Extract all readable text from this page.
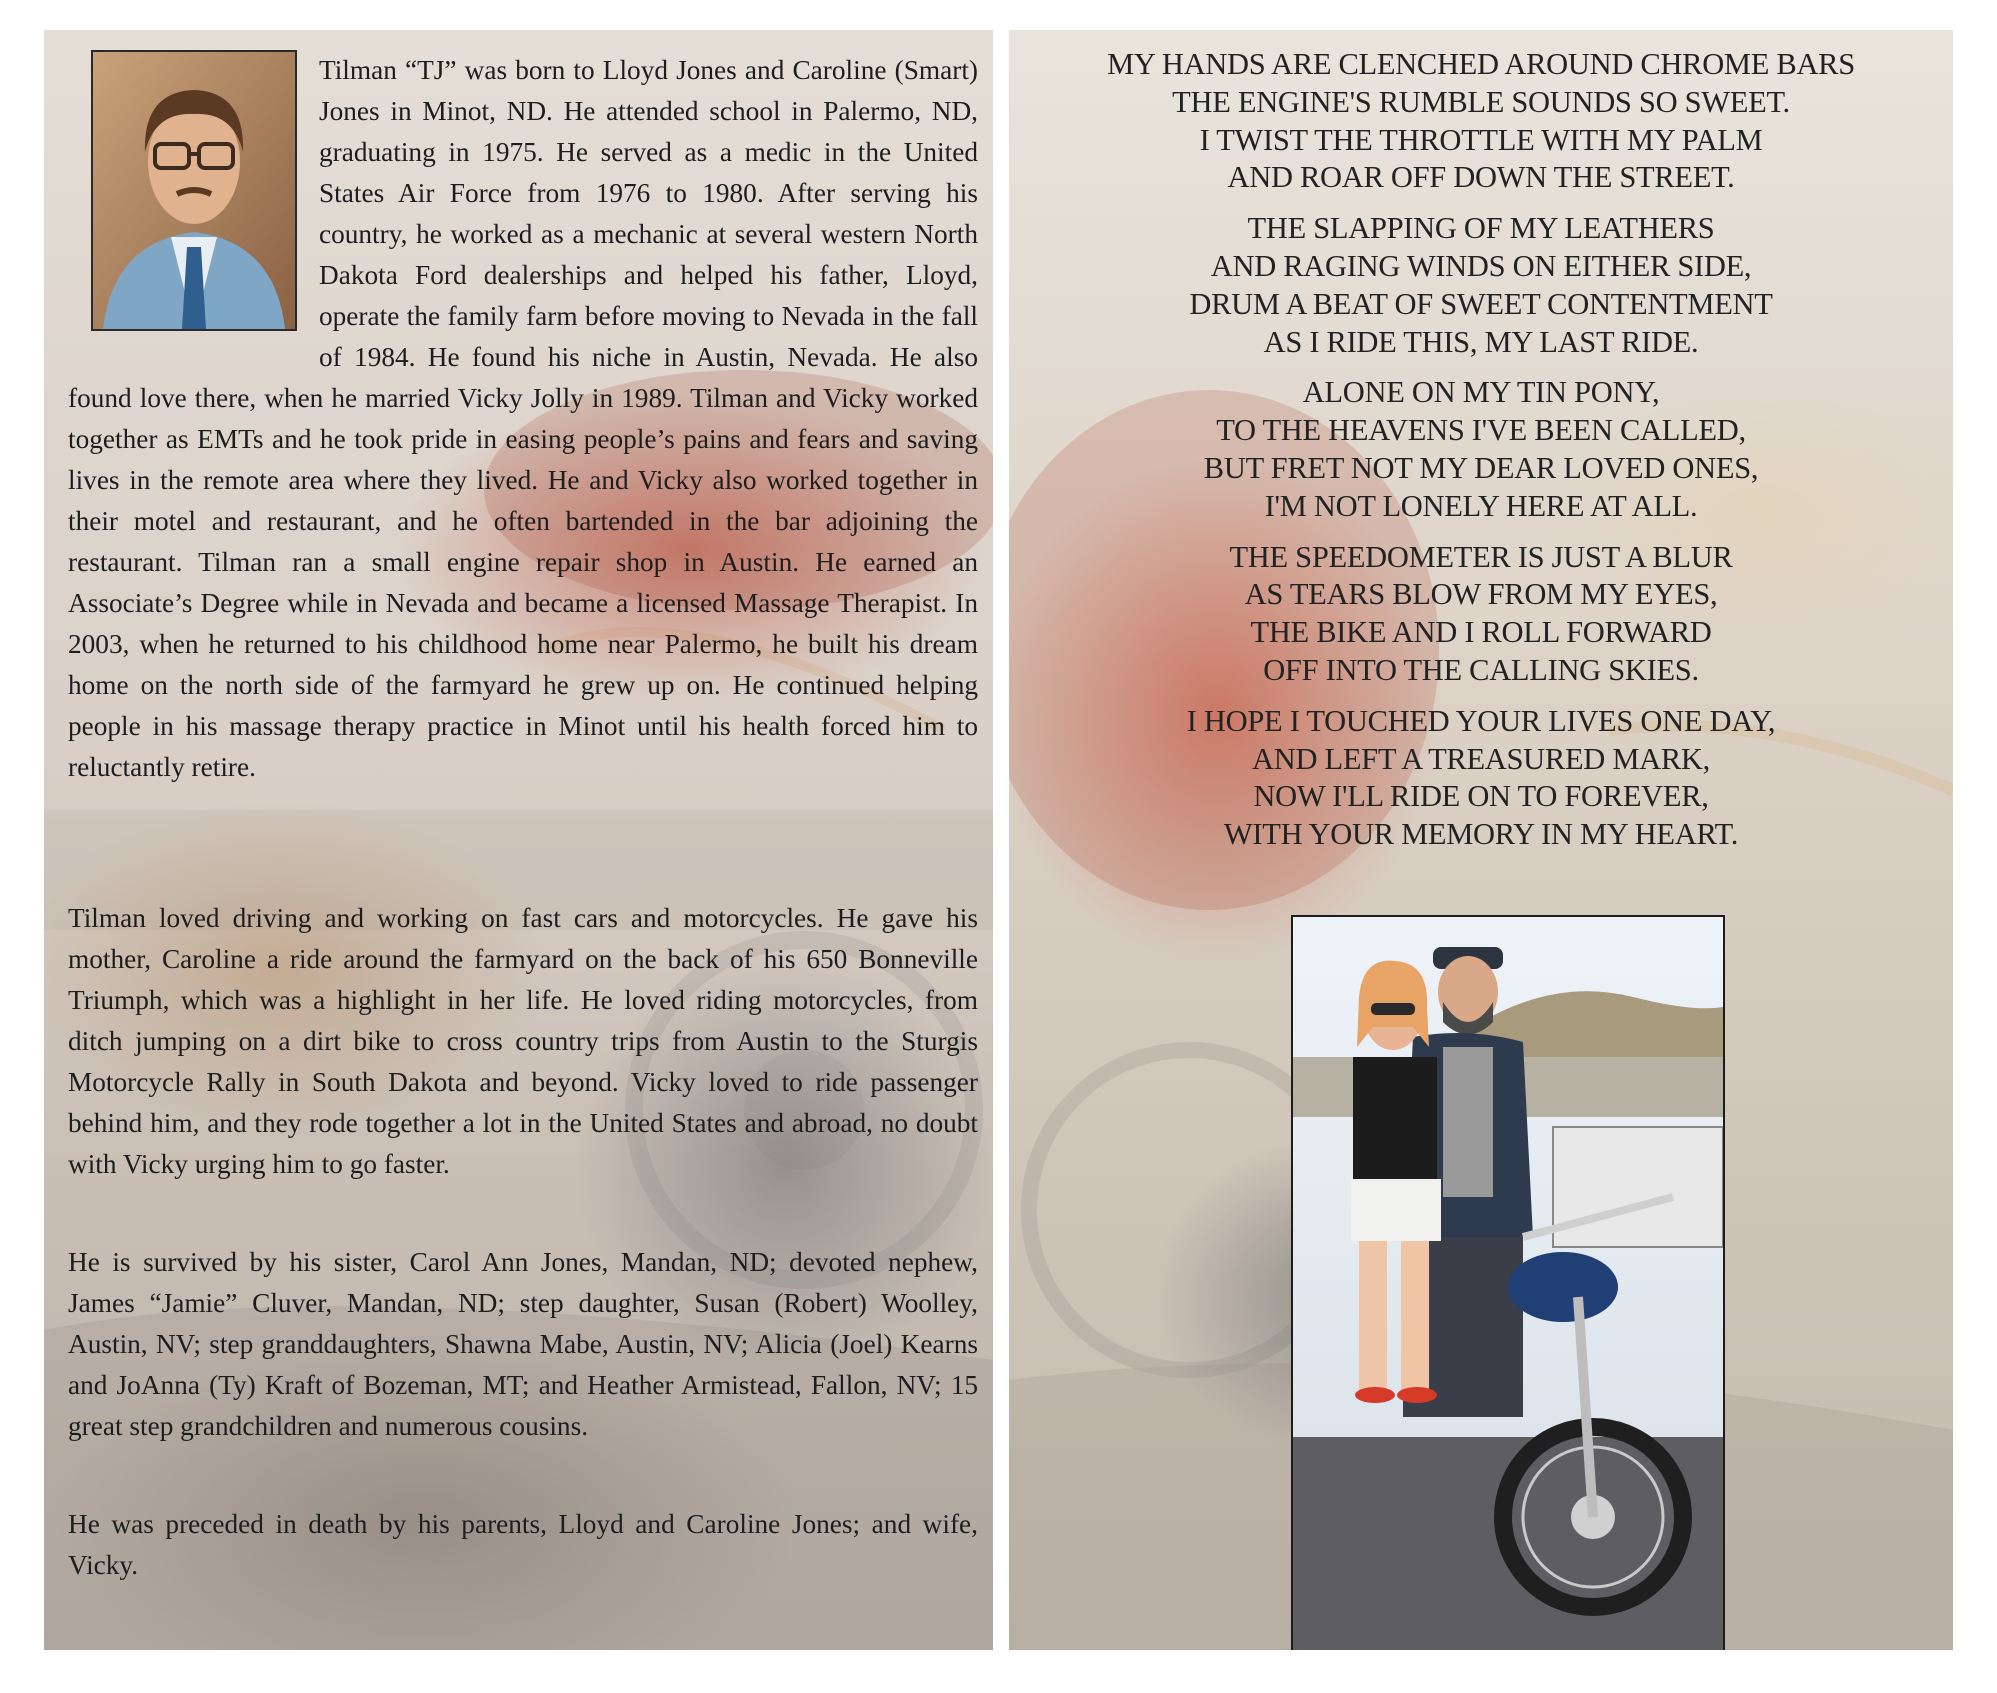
Tilman “TJ” was born to Lloyd Jones and Caroline (Smart) Jones in Minot, ND. He attended school in Palermo, ND, graduating in 1975. He served as a medic in the United States Air Force from 1976 to 1980. After serving his country, he worked as a mechanic at several western North Dakota Ford dealerships and helped his father, Lloyd, operate the family farm before moving to Nevada in the fall of 1984. He found his niche in Austin, Nevada. He also found love there, when he married Vicky Jolly in 1989. Tilman and Vicky worked together as EMTs and he took pride in easing people’s pains and fears and saving lives in the remote area where they lived. He and Vicky also worked together in their motel and restaurant, and he often bartended in the bar adjoining the restaurant. Tilman ran a small engine repair shop in Austin. He earned an Associate’s Degree while in Nevada and became a licensed Massage Therapist. In 2003, when he returned to his childhood home near Palermo, he built his dream home on the north side of the farmyard he grew up on. He continued helping people in his massage therapy practice in Minot until his health forced him to reluctantly retire.

Tilman loved driving and working on fast cars and motorcycles. He gave his mother, Caroline a ride around the farmyard on the back of his 650 Bonneville Triumph, which was a highlight in her life. He loved riding motorcycles, from ditch jumping on a dirt bike to cross country trips from Austin to the Sturgis Motorcycle Rally in South Dakota and beyond. Vicky loved to ride passenger behind him, and they rode together a lot in the United States and abroad, no doubt with Vicky urging him to go faster.

He is survived by his sister, Carol Ann Jones, Mandan, ND; devoted nephew, James “Jamie” Cluver, Mandan, ND; step daughter, Susan (Robert) Woolley, Austin, NV; step granddaughters, Shawna Mabe, Austin, NV; Alicia (Joel) Kearns and JoAnna (Ty) Kraft of Bozeman, MT; and Heather Armistead, Fallon, NV; 15 great step grandchildren and numerous cousins.

He was preceded in death by his parents, Lloyd and Caroline Jones; and wife, Vicky.

MY HANDS ARE CLENCHED AROUND CHROME BARS
THE ENGINE'S RUMBLE SOUNDS SO SWEET.
I TWIST THE THROTTLE WITH MY PALM
AND ROAR OFF DOWN THE STREET.
THE SLAPPING OF MY LEATHERS
AND RAGING WINDS ON EITHER SIDE,
DRUM A BEAT OF SWEET CONTENTMENT
AS I RIDE THIS, MY LAST RIDE.
ALONE ON MY TIN PONY,
TO THE HEAVENS I'VE BEEN CALLED,
BUT FRET NOT MY DEAR LOVED ONES,
I'M NOT LONELY HERE AT ALL.
THE SPEEDOMETER IS JUST A BLUR
AS TEARS BLOW FROM MY EYES,
THE BIKE AND I ROLL FORWARD
OFF INTO THE CALLING SKIES.
I HOPE I TOUCHED YOUR LIVES ONE DAY,
AND LEFT A TREASURED MARK,
NOW I'LL RIDE ON TO FOREVER,
WITH YOUR MEMORY IN MY HEART.
